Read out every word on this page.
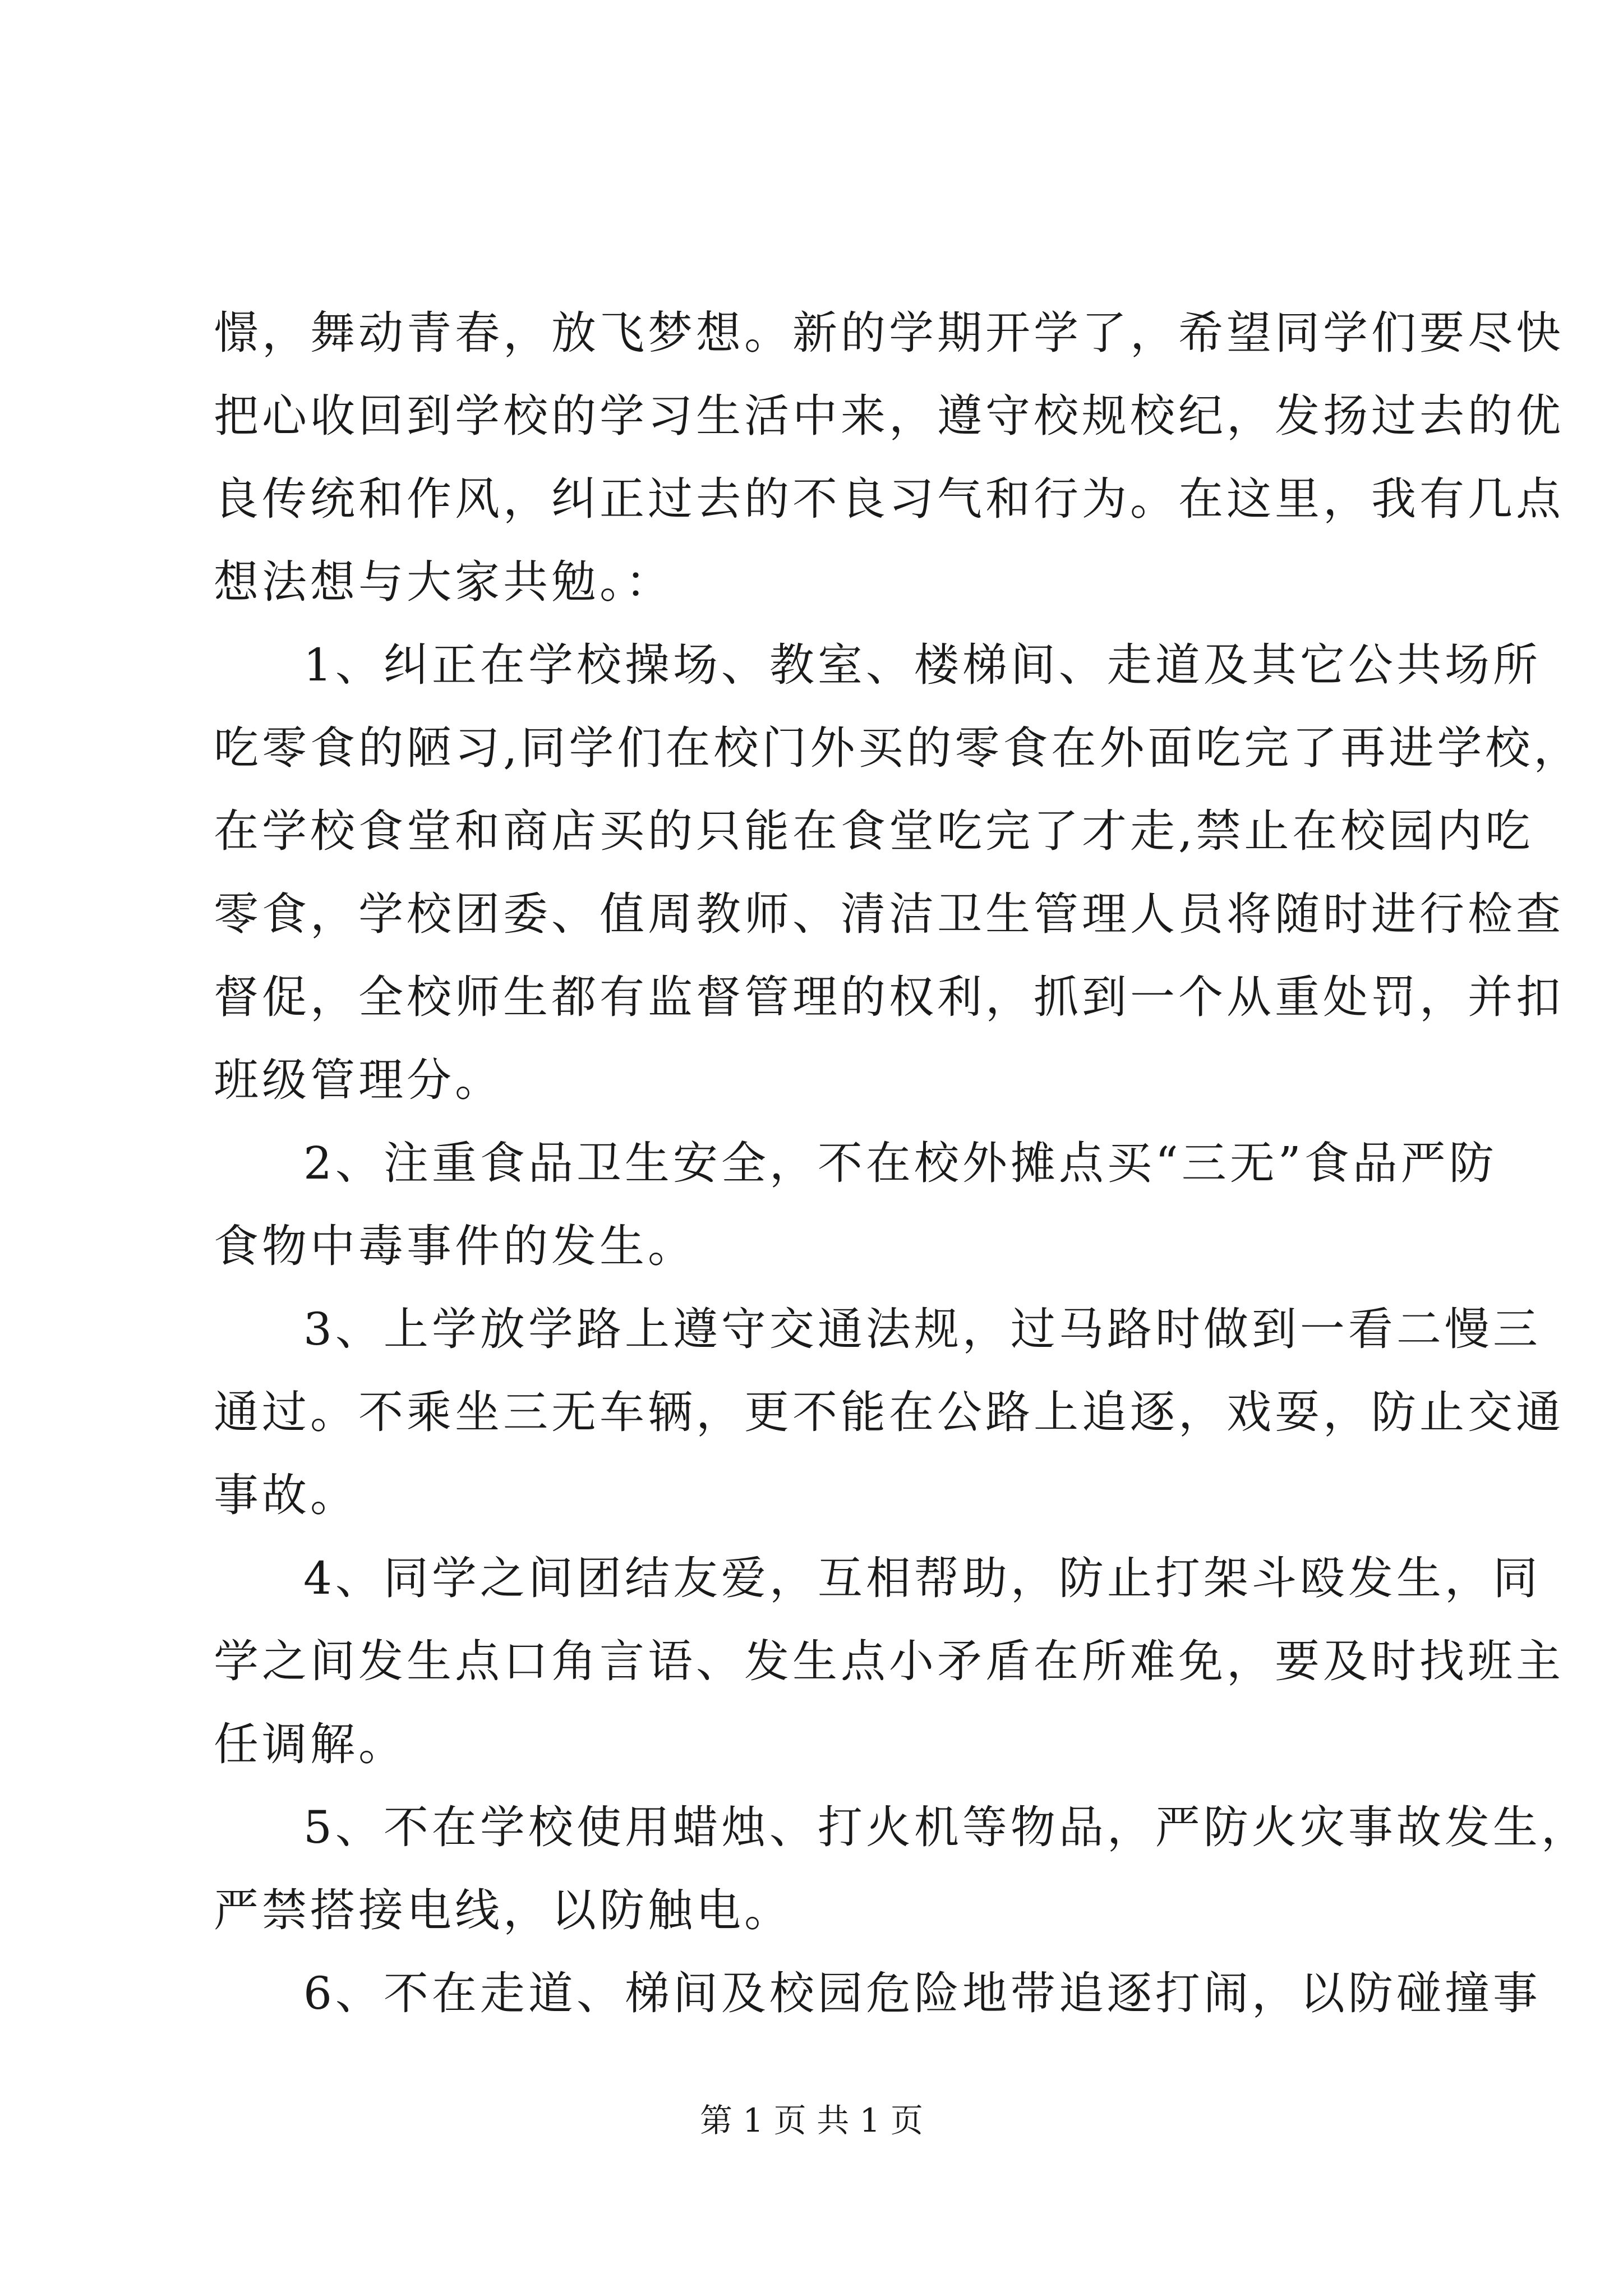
憬，舞动青春，放飞梦想。新的学期开学了，希望同学们要尽快
把心收回到学校的学习生活中来，遵守校规校纪，发扬过去的优
良传统和作风，纠正过去的不良习气和行为。在这里，我有几点
想法想与大家共勉。：
1、纠正在学校操场、教室、楼梯间、走道及其它公共场所
吃零食的陋习,同学们在校门外买的零食在外面吃完了再进学校，
在学校食堂和商店买的只能在食堂吃完了才走,禁止在校园内吃
零食，学校团委、值周教师、清洁卫生管理人员将随时进行检查
督促，全校师生都有监督管理的权利，抓到一个从重处罚，并扣
班级管理分。
2、注重食品卫生安全，不在校外摊点买“三无”食品严防
食物中毒事件的发生。
3、上学放学路上遵守交通法规，过马路时做到一看二慢三
通过。不乘坐三无车辆，更不能在公路上追逐，戏耍，防止交通
事故。
4、同学之间团结友爱，互相帮助，防止打架斗殴发生，同
学之间发生点口角言语、发生点小矛盾在所难免，要及时找班主
任调解。
5、不在学校使用蜡烛、打火机等物品，严防火灾事故发生，
严禁搭接电线，以防触电。
6、不在走道、梯间及校园危险地带追逐打闹，以防碰撞事
第 1 页 共 1 页
